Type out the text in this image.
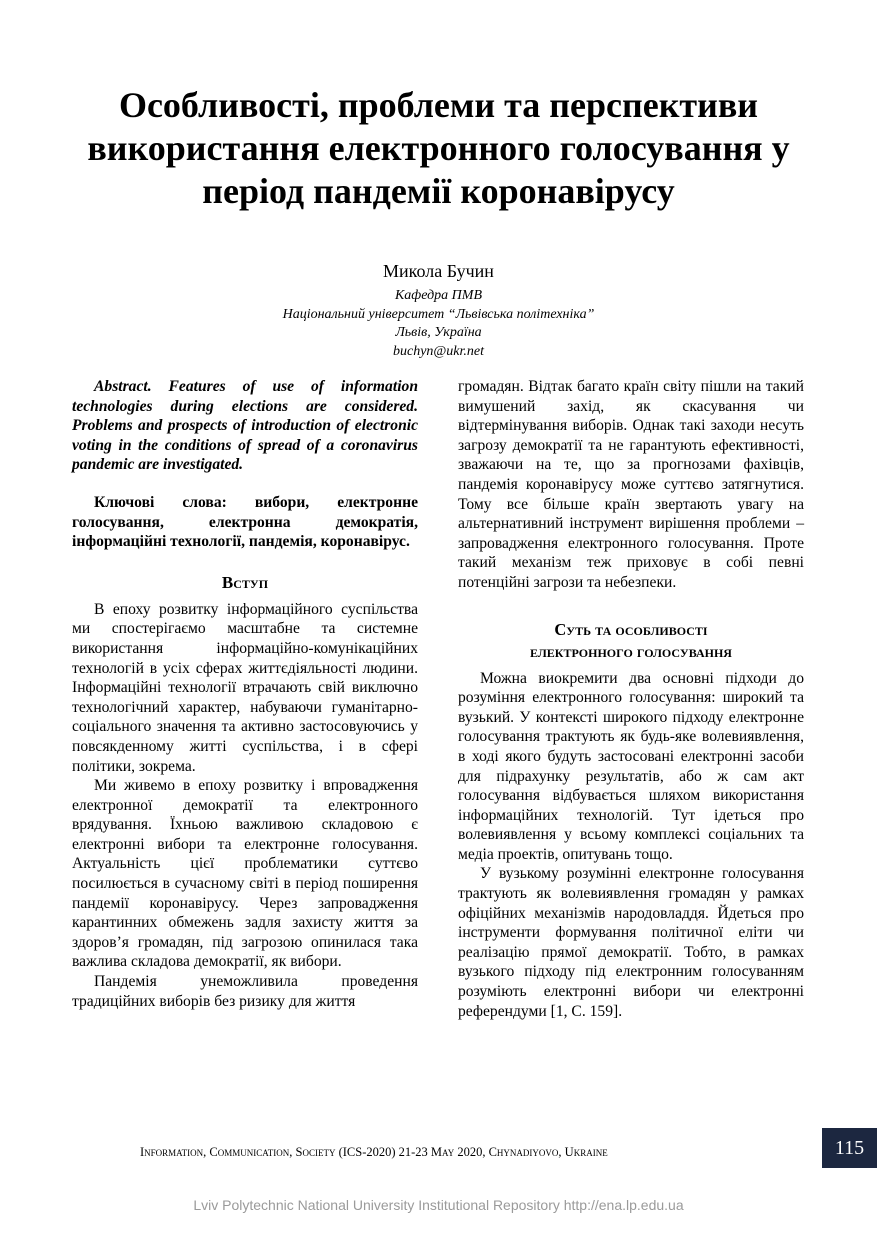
Особливості, проблеми та перспективи
використання електронного голосування у
період пандемії коронавірусу
Микола Бучин
Кафедра ПМВ
Національний університет “Львівська політехніка”
Львів, Україна
buchyn@ukr.net

Abstract. Features of use of information technologies during elections are considered. Problems and prospects of introduction of electronic voting in the conditions of spread of a coronavirus pandemic are investigated.

Ключові слова: вибори, електронне голосування, електронна демократія, інформаційні технології, пандемія, коронавірус.

Вступ

В епоху розвитку інформаційного суспільства ми спостерігаємо масштабне та системне використання інформаційно-комунікаційних технологій в усіх сферах життєдіяльності людини. Інформаційні технології втрачають свій виключно технологічний характер, набуваючи гуманітарно-соціального значення та активно застосовуючись у повсякденному житті суспільства, і в сфері політики, зокрема.

Ми живемо в епоху розвитку і впровадження електронної демократії та електронного врядування. Їхньою важливою складовою є електронні вибори та електронне голосування. Актуальність цієї проблематики суттєво посилюється в сучасному світі в період поширення пандемії коронавірусу. Через запровадження карантинних обмежень задля захисту життя за здоров’я громадян, під загрозою опинилася така важлива складова демократії, як вибори.

Пандемія унеможливила проведення традиційних виборів без ризику для життя

громадян. Відтак багато країн світу пішли на такий вимушений захід, як скасування чи відтермінування виборів. Однак такі заходи несуть загрозу демократії та не гарантують ефективності, зважаючи на те, що за прогнозами фахівців, пандемія коронавірусу може суттєво затягнутися. Тому все більше країн звертають увагу на альтернативний інструмент вирішення проблеми – запровадження електронного голосування. Проте такий механізм теж приховує в собі певні потенційні загрози та небезпеки.

Суть та особливості
електронного голосування

Можна виокремити два основні підходи до розуміння електронного голосування: широкий та вузький. У контексті широкого підходу електронне голосування трактують як будь-яке волевиявлення, в ході якого будуть застосовані електронні засоби для підрахунку результатів, або ж сам акт голосування відбувається шляхом використання інформаційних технологій. Тут ідеться про волевиявлення у всьому комплексі соціальних та медіа проектів, опитувань тощо.

У вузькому розумінні електронне голосування трактують як волевиявлення громадян у рамках офіційних механізмів народовладдя. Йдеться про інструменти формування політичної еліти чи реалізацію прямої демократії. Тобто, в рамках вузького підходу під електронним голосуванням розуміють електронні вибори чи електронні референдуми [1, С. 159].

Information, Communication, Society (ICS-2020) 21-23 May 2020, Chynadiyovo, Ukraine	115
Lviv Polytechnic National University Institutional Repository http://ena.lp.edu.ua
